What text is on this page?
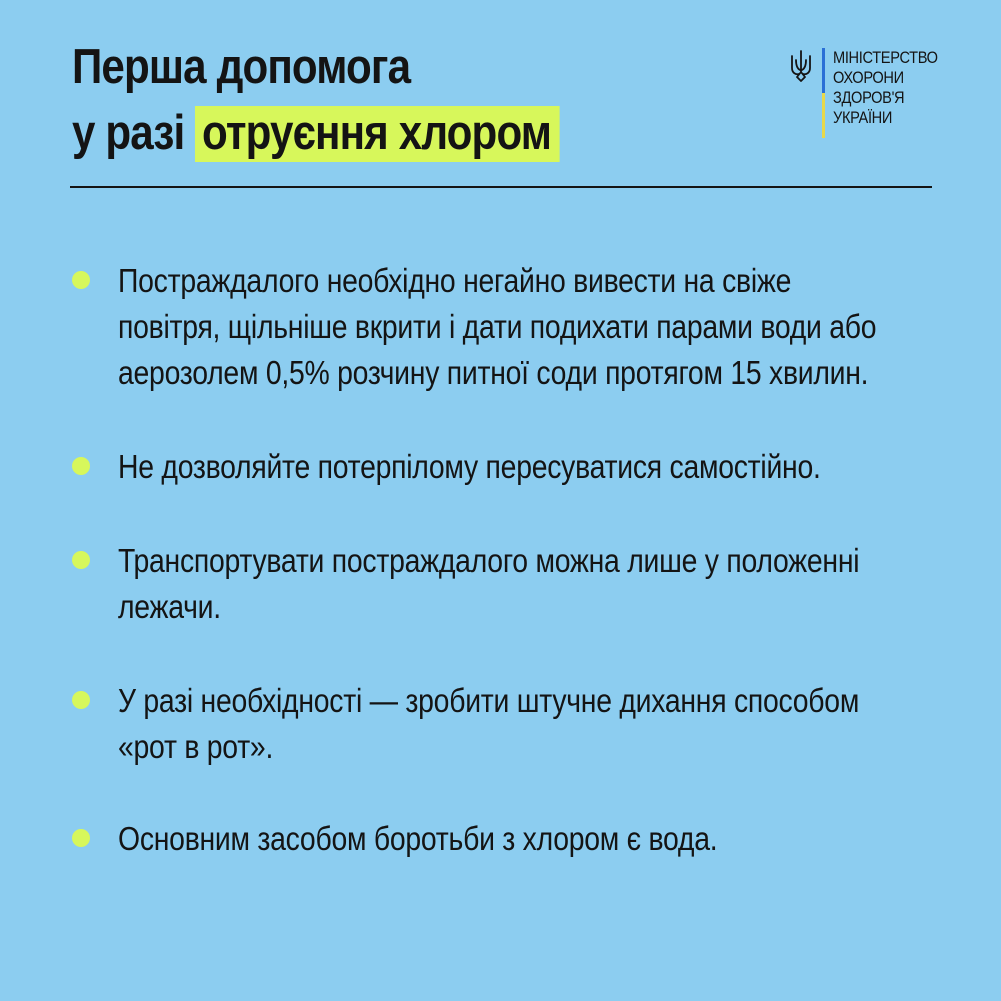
Перша допомога
у разі отруєння хлором
МІНІСТЕРСТВО
ОХОРОНИ
ЗДОРОВ'Я
УКРАЇНИ
Постраждалого необхідно негайно вивести на свіже повітря, щільніше вкрити і дати подихати парами води або аерозолем 0,5% розчину питної соди протягом 15 хвилин.
Не дозволяйте потерпілому пересуватися самостійно.
Транспортувати постраждалого можна лише у положенні лежачи.
У разі необхідності — зробити штучне дихання способом «рот в рот».
Основним засобом боротьби з хлором є вода.
